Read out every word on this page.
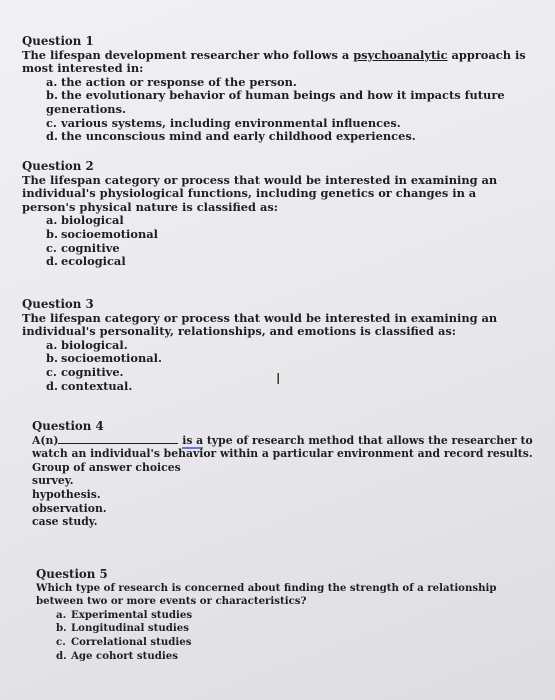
Question 1
The lifespan development researcher who follows a psychoanalytic approach is most interested in:
a. the action or response of the person.
b. the evolutionary behavior of human beings and how it impacts future generations.
c. various systems, including environmental influences.
d. the unconscious mind and early childhood experiences.
Question 2
The lifespan category or process that would be interested in examining an individual's physiological functions, including genetics or changes in a person's physical nature is classified as:
a. biological
b. socioemotional
c. cognitive
d. ecological
Question 3
The lifespan category or process that would be interested in examining an individual's personality, relationships, and emotions is classified as:
a. biological.
b. socioemotional.
c. cognitive.
d. contextual.	I
Question 4
A(n)	is a type of research method that allows the researcher to watch an individual's behavior within a particular environment and record results.
Group of answer choices
survey.
hypothesis.
observation.
case study.
Question 5
Which type of research is concerned about finding the strength of a relationship between two or more events or characteristics?
a. Experimental studies
b. Longitudinal studies
c. Correlational studies
d. Age cohort studies
